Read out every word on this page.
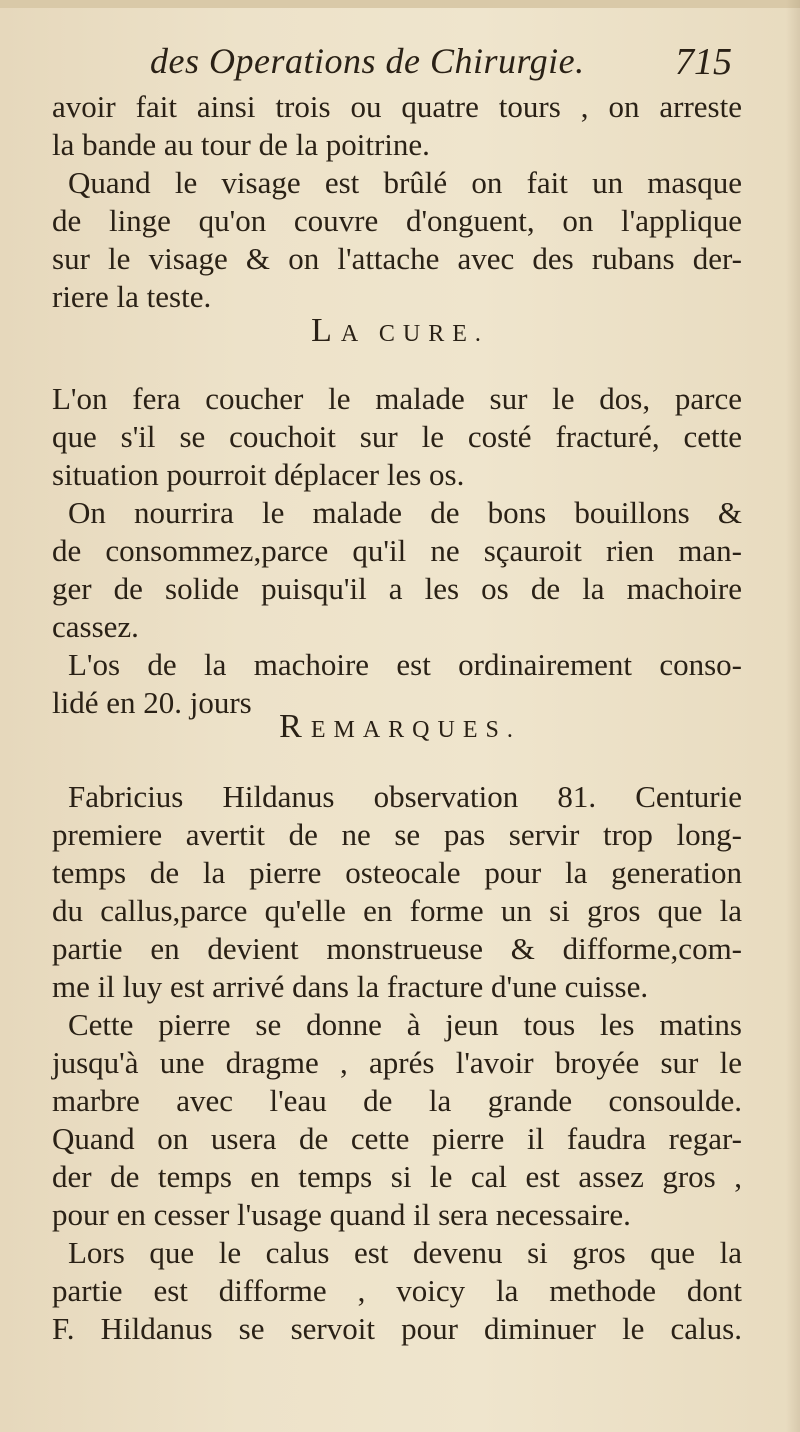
des Operations de Chirurgie. 715
avoir fait ainsi trois ou quatre tours , on arreste
la bande au tour de la poitrine.
Quand le visage est brûlé on fait un masque
de linge qu'on couvre d'onguent, on l'applique
sur le visage & on l'attache avec des rubans der-
riere la teste.
LA CURE.
L'on fera coucher le malade sur le dos, parce
que s'il se couchoit sur le costé fracturé, cette
situation pourroit déplacer les os.
On nourrira le malade de bons bouillons &
de consommez,parce qu'il ne sçauroit rien man-
ger de solide puisqu'il a les os de la machoire
cassez.
L'os de la machoire est ordinairement conso-
lidé en 20. jours
REMARQUES.
Fabricius Hildanus observation 81. Centurie
premiere avertit de ne se pas servir trop long-
temps de la pierre osteocale pour la generation
du callus,parce qu'elle en forme un si gros que la
partie en devient monstrueuse & difforme,com-
me il luy est arrivé dans la fracture d'une cuisse.
Cette pierre se donne à jeun tous les matins
jusqu'à une dragme , aprés l'avoir broyée sur le
marbre avec l'eau de la grande consoulde.
Quand on usera de cette pierre il faudra regar-
der de temps en temps si le cal est assez gros ,
pour en cesser l'usage quand il sera necessaire.
Lors que le calus est devenu si gros que la
partie est difforme , voicy la methode dont
F. Hildanus se servoit pour diminuer le calus.
